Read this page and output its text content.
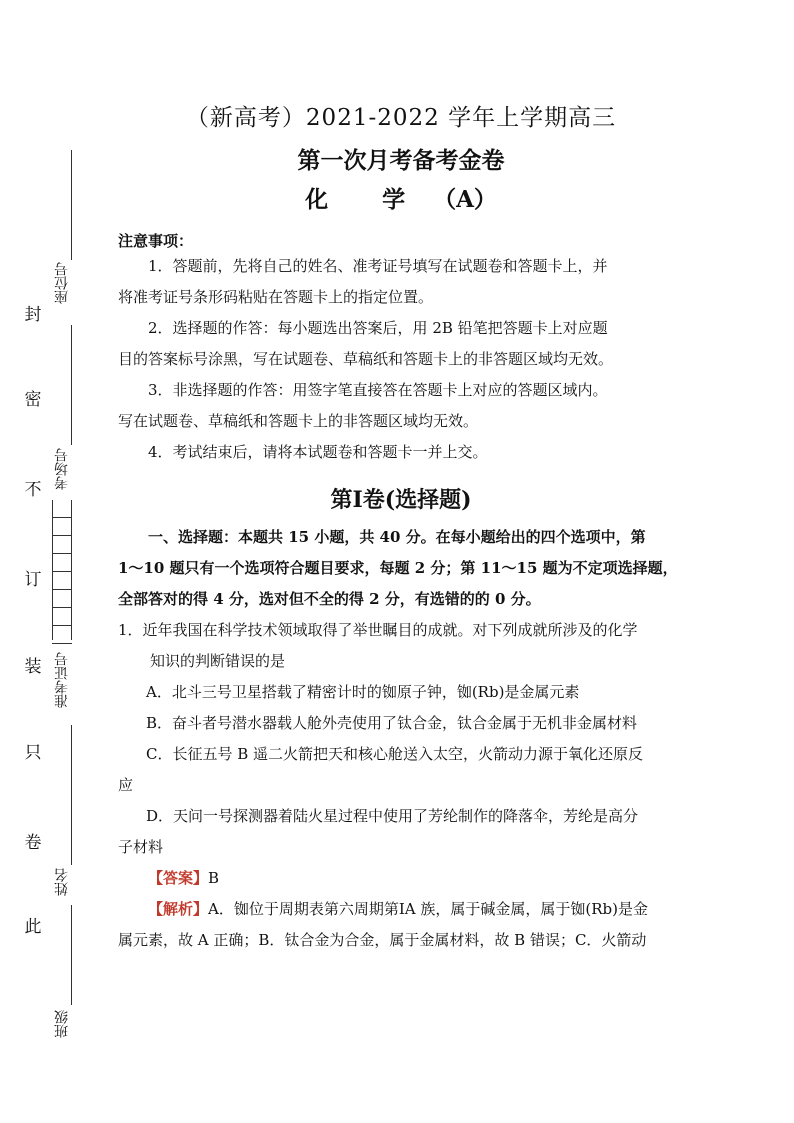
座位号
考场号
准考证号
姓名
班级
封
密
不
订
装
只
卷
此
（新高考）2021-2022 学年上学期高三
第一次月考备考金卷
化 学 （A）
注意事项：

1．答题前，先将自己的姓名、准考证号填写在试题卷和答题卡上，并

将准考证号条形码粘贴在答题卡上的指定位置。

2．选择题的作答：每小题选出答案后，用 2B 铅笔把答题卡上对应题

目的答案标号涂黑，写在试题卷、草稿纸和答题卡上的非答题区域均无效。

3．非选择题的作答：用签字笔直接答在答题卡上对应的答题区域内。

写在试题卷、草稿纸和答题卡上的非答题区域均无效。

4．考试结束后，请将本试题卷和答题卡一并上交。

第Ⅰ卷(选择题)

一、选择题：本题共 15 小题，共 40 分。在每小题给出的四个选项中，第

1～10 题只有一个选项符合题目要求，每题 2 分；第 11～15 题为不定项选择题，

全部答对的得 4 分，选对但不全的得 2 分，有选错的的 0 分。

1．近年我国在科学技术领域取得了举世瞩目的成就。对下列成就所涉及的化学

知识的判断错误的是

A．北斗三号卫星搭载了精密计时的铷原子钟，铷(Rb)是金属元素

B．奋斗者号潜水器载人舱外壳使用了钛合金，钛合金属于无机非金属材料

C．长征五号 B 遥二火箭把天和核心舱送入太空，火箭动力源于氧化还原反

应

D．天问一号探测器着陆火星过程中使用了芳纶制作的降落伞，芳纶是高分

子材料

【答案】B

【解析】A．铷位于周期表第六周期第ⅠA 族，属于碱金属，属于铷(Rb)是金

属元素，故 A 正确；B．钛合金为合金，属于金属材料，故 B 错误；C．火箭动
